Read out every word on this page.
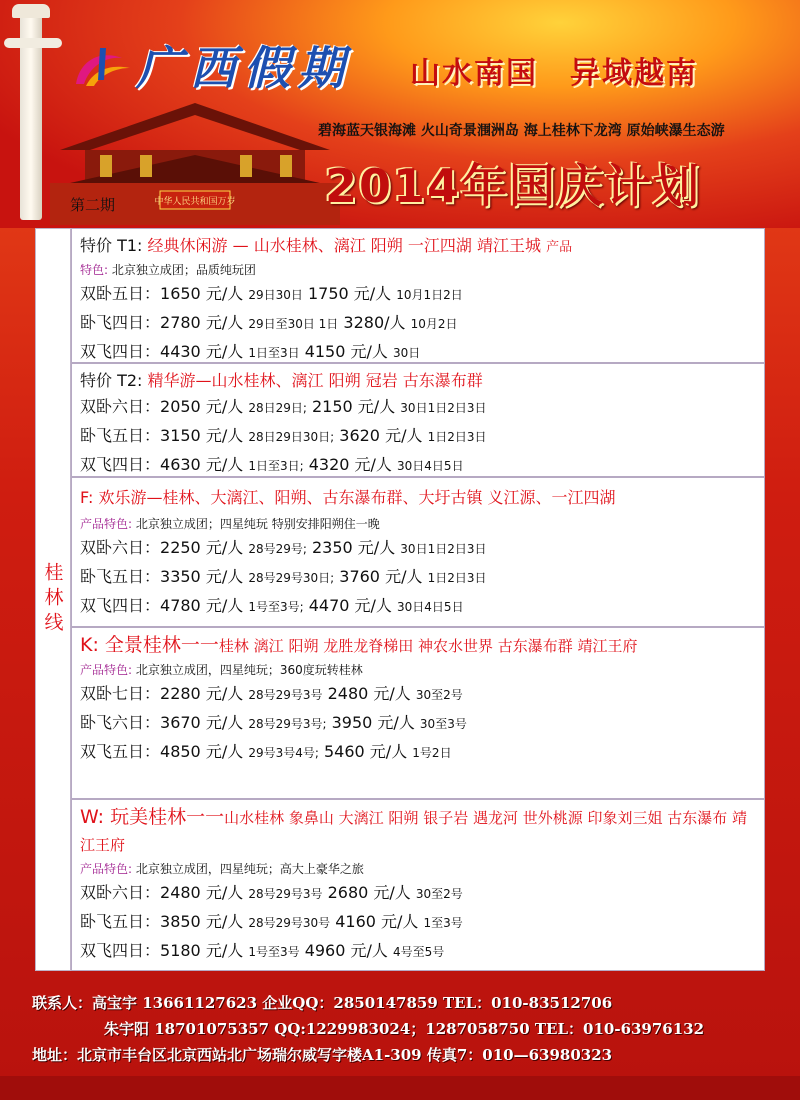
广西假期 山水南国　异域越南
中华人民共和国万岁
碧海蓝天银海滩 火山奇景涠洲岛 海上桂林下龙湾 原始峡瀑生态游
2014年国庆计划
第二期
桂林线
特价 T1: 经典休闲游 — 山水桂林、漓江 阳朔 一江四湖 靖江王城 产品
特色: 北京独立成团；品质纯玩团
双卧五日：1650 元/人 29日30日 1750 元/人 10月1日2日
卧飞四日：2780 元/人 29日至30日 1日 3280/人 10月2日
双飞四日：4430 元/人 1日至3日 4150 元/人 30日
特价 T2: 精华游—山水桂林、漓江 阳朔 冠岩 古东瀑布群
双卧六日：2050 元/人 28日29日; 2150 元/人 30日1日2日3日
卧飞五日：3150 元/人 28日29日30日; 3620 元/人 1日2日3日
双飞四日：4630 元/人 1日至3日; 4320 元/人 30日4日5日
F: 欢乐游—桂林、大漓江、阳朔、古东瀑布群、大圩古镇 义江源、一江四湖
产品特色: 北京独立成团；四星纯玩 特别安排阳朔住一晚
双卧六日：2250 元/人 28号29号; 2350 元/人 30日1日2日3日
卧飞五日：3350 元/人 28号29号30日; 3760 元/人 1日2日3日
双飞四日：4780 元/人 1号至3号; 4470 元/人 30日4日5日
K: 全景桂林一一桂林 漓江 阳朔 龙胜龙脊梯田 神农水世界 古东瀑布群 靖江王府
产品特色: 北京独立成团，四星纯玩；360度玩转桂林
双卧七日：2280 元/人 28号29号3号 2480 元/人 30至2号
卧飞六日：3670 元/人 28号29号3号; 3950 元/人 30至3号
双飞五日：4850 元/人 29号3号4号; 5460 元/人 1号2日
W: 玩美桂林一一山水桂林 象鼻山 大漓江 阳朔 银子岩 遇龙河 世外桃源 印象刘三姐 古东瀑布 靖江王府
产品特色: 北京独立成团，四星纯玩；高大上豪华之旅
双卧六日：2480 元/人 28号29号3号 2680 元/人 30至2号
卧飞五日：3850 元/人 28号29号30号 4160 元/人 1至3号
双飞四日：5180 元/人 1号至3号 4960 元/人 4号至5号
联系人：高宝宇 13661127623 企业QQ：2850147859 TEL：010-83512706
朱宇阳 18701075357 QQ:1229983024；1287058750 TEL：010-63976132
地址：北京市丰台区北京西站北广场瑞尔威写字楼A1-309 传真7：010—63980323
